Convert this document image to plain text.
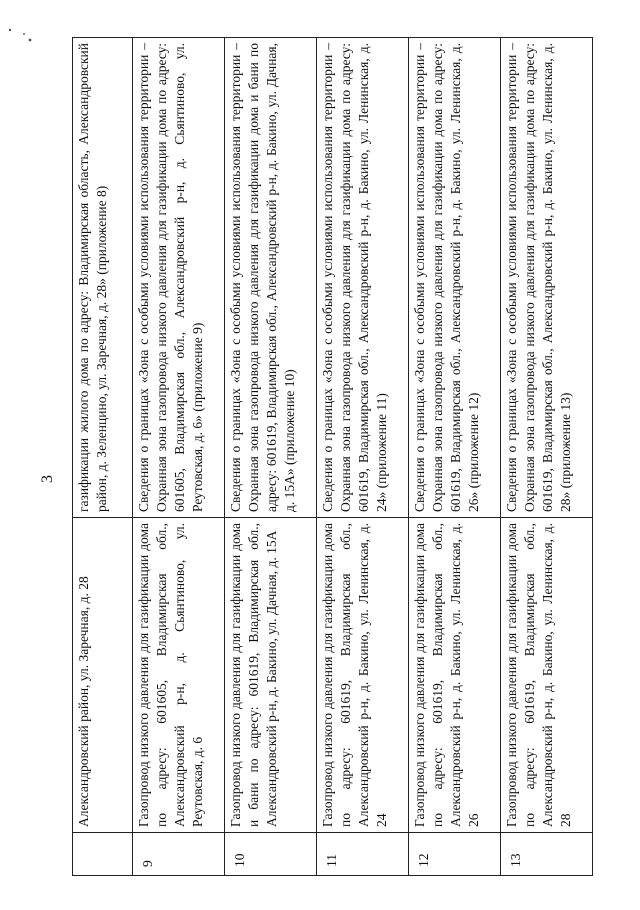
3
	Александровский район, ул. Заречная, д. 28	газификации жилого дома по адресу: Владимирская область, Александровский район, д. Зеленцино, ул. Заречная, д. 28» (приложение 8)
9	Газопровод низкого давления для газификации дома по адресу: 601605, Владимирская обл., Александровский р-н, д. Сьянтиново, ул. Реутовская, д. 6	Сведения о границах «Зона с особыми условиями использования территории – Охранная зона газопровода низкого давления для газификации дома по адресу: 601605, Владимирская обл., Александровский р-н, д. Сьянтиново, ул. Реутовская, д. 6» (приложение 9)
10	Газопровод низкого давления для газификации дома и бани по адресу: 601619, Владимирская обл., Александровский р-н, д. Бакино, ул. Дачная, д. 15А	Сведения о границах «Зона с особыми условиями использования территории – Охранная зона газопровода низкого давления для газификации дома и бани по адресу: 601619, Владимирская обл., Александровский р-н, д. Бакино, ул. Дачная, д. 15А» (приложение 10)
11	Газопровод низкого давления для газификации дома по адресу: 601619, Владимирская обл., Александровский р-н, д. Бакино, ул. Ленинская, д. 24	Сведения о границах «Зона с особыми условиями использования территории – Охранная зона газопровода низкого давления для газификации дома по адресу: 601619, Владимирская обл., Александровский р-н, д. Бакино, ул. Ленинская, д. 24» (приложение 11)
12	Газопровод низкого давления для газификации дома по адресу: 601619, Владимирская обл., Александровский р-н, д. Бакино, ул. Ленинская, д. 26	Сведения о границах «Зона с особыми условиями использования территории – Охранная зона газопровода низкого давления для газификации дома по адресу: 601619, Владимирская обл., Александровский р-н, д. Бакино, ул. Ленинская, д. 26» (приложение 12)
13	Газопровод низкого давления для газификации дома по адресу: 601619, Владимирская обл., Александровский р-н, д. Бакино, ул. Ленинская, д. 28	Сведения о границах «Зона с особыми условиями использования территории – Охранная зона газопровода низкого давления для газификации дома по адресу: 601619, Владимирская обл., Александровский р-н, д. Бакино, ул. Ленинская, д. 28» (приложение 13)
